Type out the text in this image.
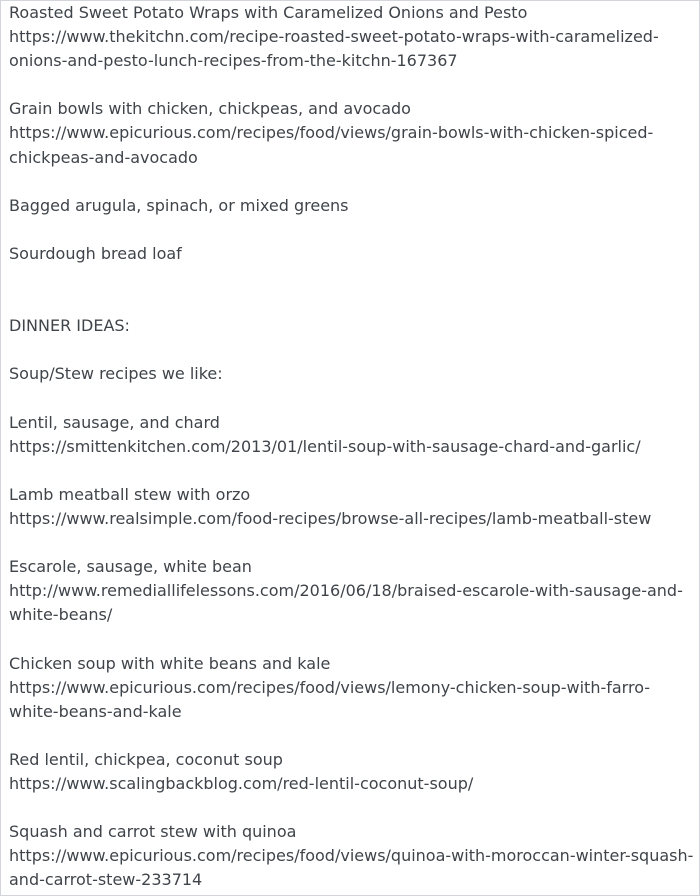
Roasted Sweet Potato Wraps with Caramelized Onions and Pesto
https://www.thekitchn.com/recipe-roasted-sweet-potato-wraps-with-caramelized-onions-and-pesto-lunch-recipes-from-the-kitchn-167367
Grain bowls with chicken, chickpeas, and avocado
https://www.epicurious.com/recipes/food/views/grain-bowls-with-chicken-spiced-chickpeas-and-avocado
Bagged arugula, spinach, or mixed greens
Sourdough bread loaf
DINNER IDEAS:
Soup/Stew recipes we like:
Lentil, sausage, and chard
https://smittenkitchen.com/2013/01/lentil-soup-with-sausage-chard-and-garlic/
Lamb meatball stew with orzo
https://www.realsimple.com/food-recipes/browse-all-recipes/lamb-meatball-stew
Escarole, sausage, white bean
http://www.remediallifelessons.com/2016/06/18/braised-escarole-with-sausage-and-white-beans/
Chicken soup with white beans and kale
https://www.epicurious.com/recipes/food/views/lemony-chicken-soup-with-farro-white-beans-and-kale
Red lentil, chickpea, coconut soup
https://www.scalingbackblog.com/red-lentil-coconut-soup/
Squash and carrot stew with quinoa
https://www.epicurious.com/recipes/food/views/quinoa-with-moroccan-winter-squash-and-carrot-stew-233714
